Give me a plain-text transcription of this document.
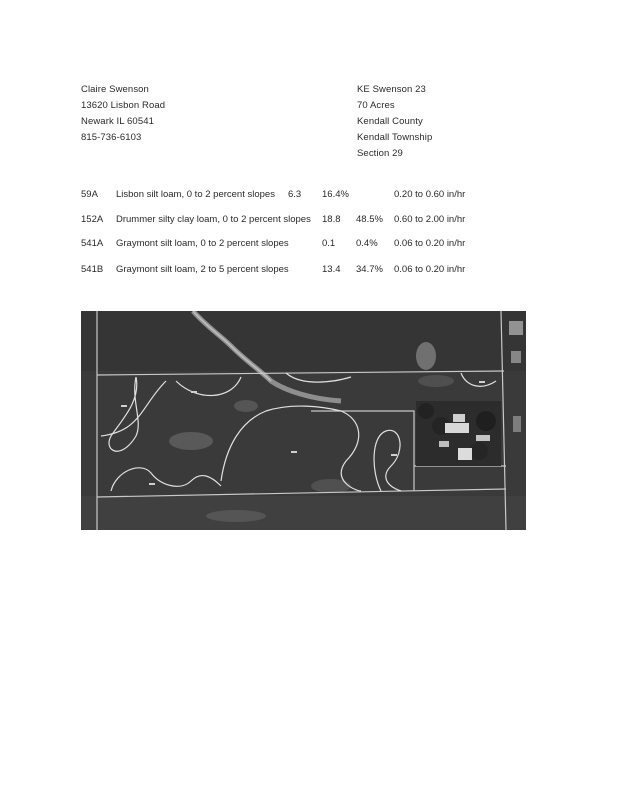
Claire Swenson
13620 Lisbon Road
Newark IL 60541
815-736-6103
KE Swenson 23
70 Acres
Kendall County
Kendall Township
Section 29
59A Lisbon silt loam, 0 to 2 percent slopes 6.3 16.4%	0.20 to 0.60 in/hr
152A Drummer silty clay loam, 0 to 2 percent slopes 18.8 48.5% 0.60 to 2.00 in/hr
541A Graymont silt loam, 0 to 2 percent slopes	0.1 0.4% 0.06 to 0.20 in/hr
541B Graymont silt loam, 2 to 5 percent slopes	13.4 34.7% 0.06 to 0.20 in/hr
